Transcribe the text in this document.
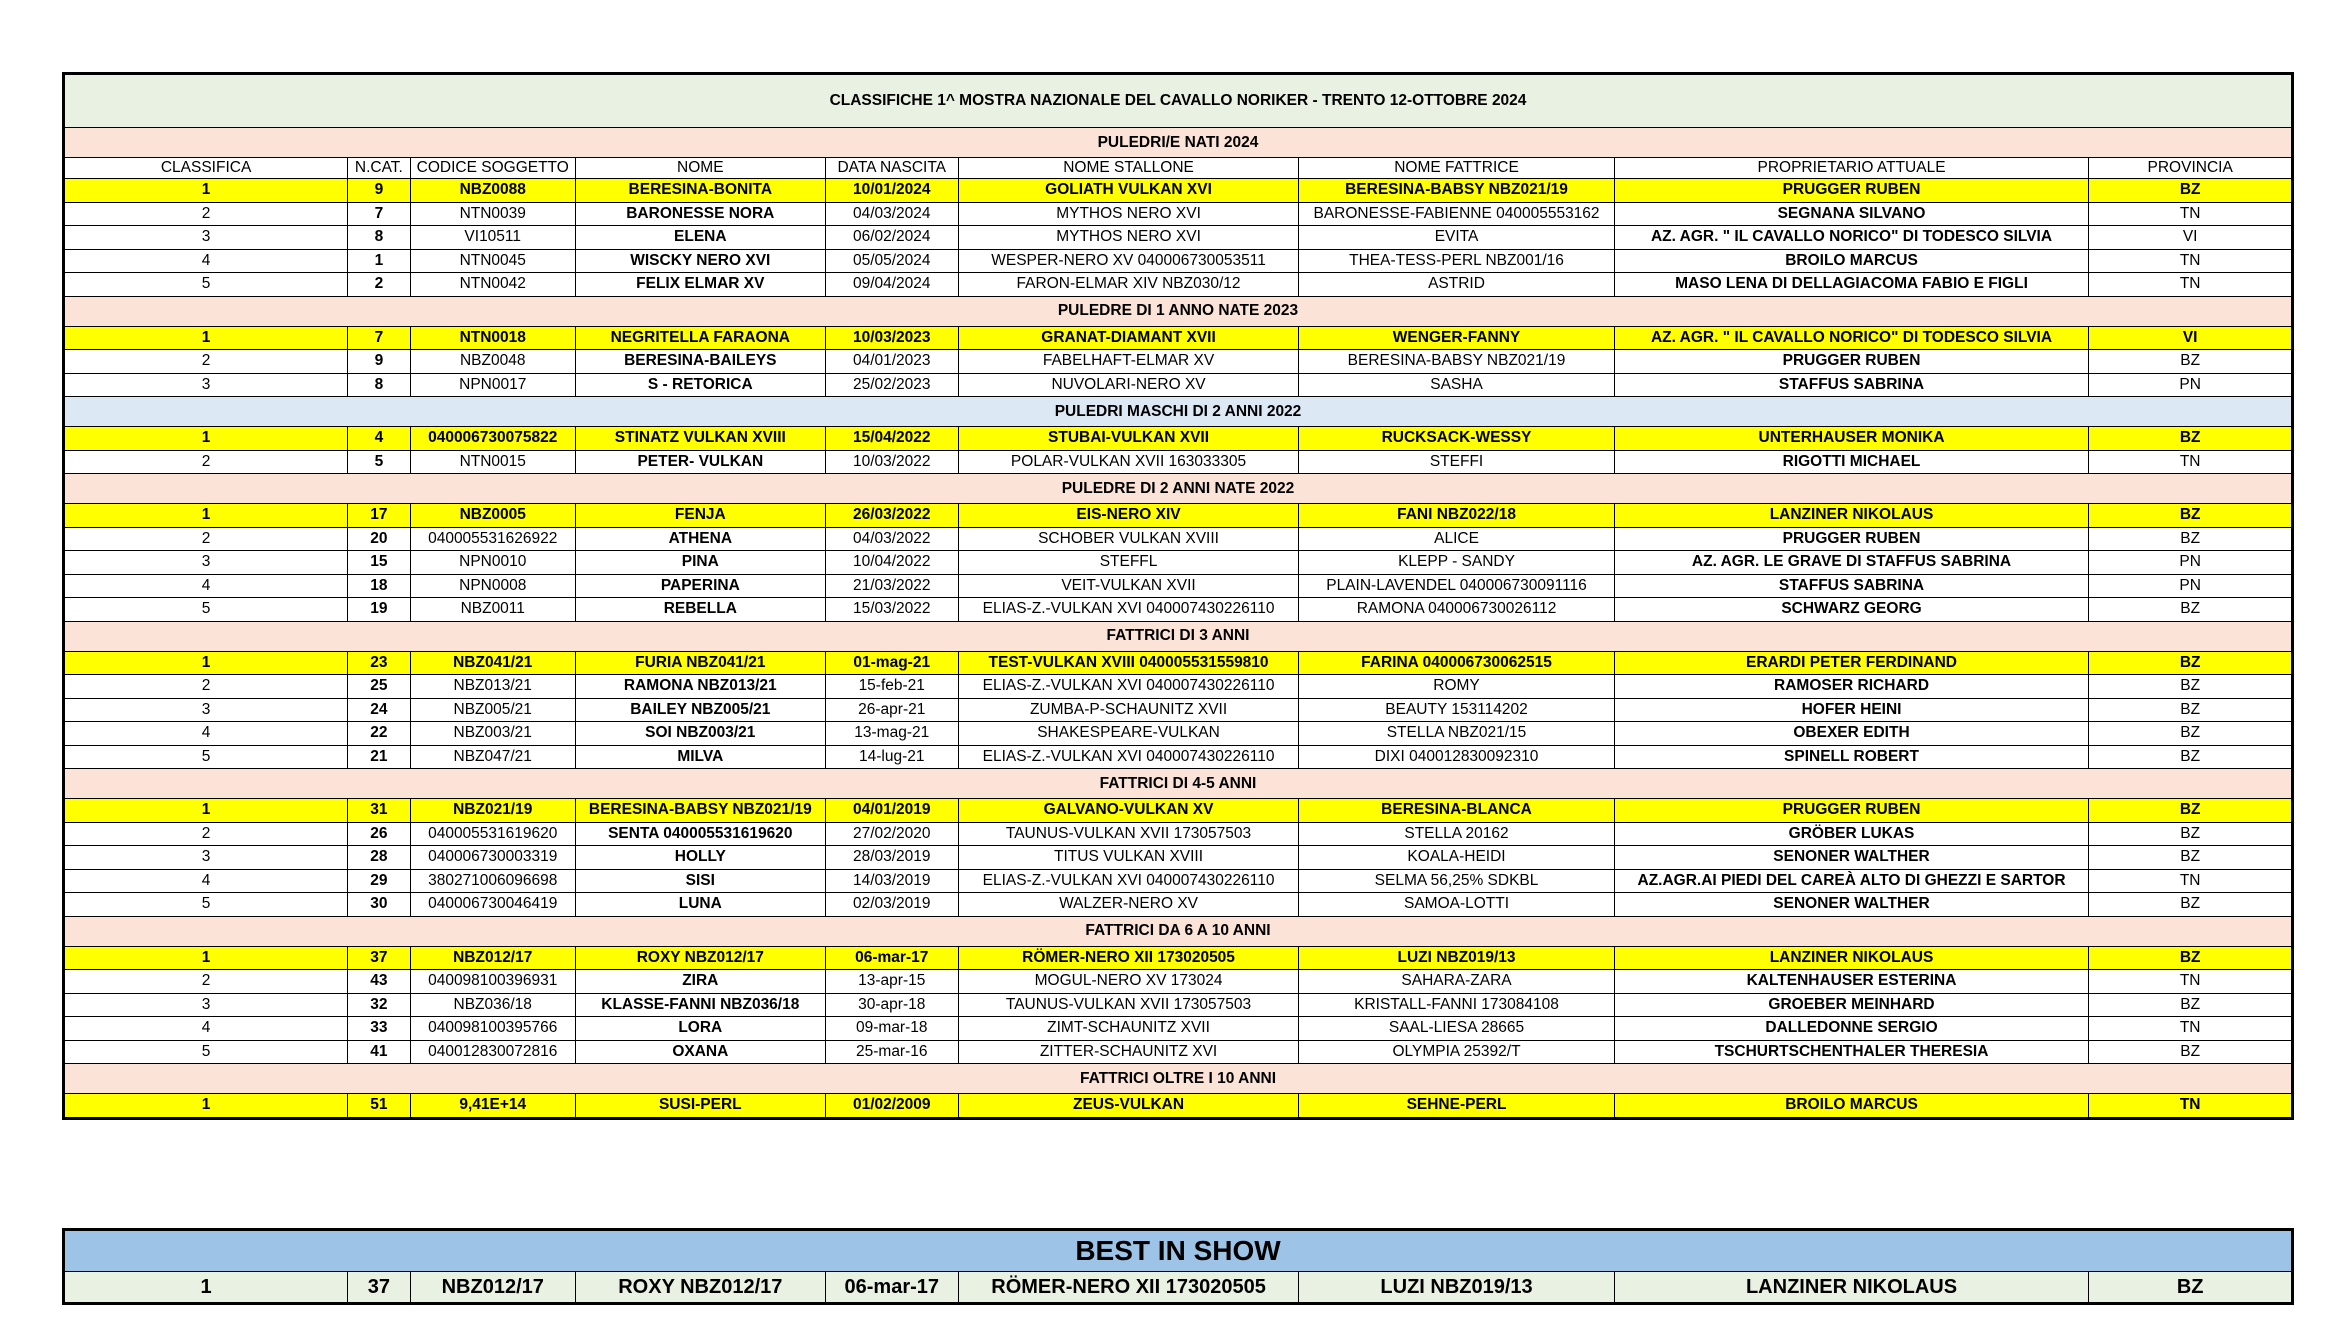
CLASSIFICHE 1^ MOSTRA NAZIONALE DEL CAVALLO NORIKER - TRENTO 12-OTTOBRE 2024								
PULEDRI/E NATI 2024								
CLASSIFICA	N.CAT.	CODICE SOGGETTO	NOME	DATA NASCITA	NOME STALLONE	NOME FATTRICE	PROPRIETARIO ATTUALE	PROVINCIA
1	9	NBZ0088	BERESINA-BONITA	10/01/2024	GOLIATH VULKAN XVI	BERESINA-BABSY NBZ021/19	PRUGGER RUBEN	BZ
2	7	NTN0039	BARONESSE NORA	04/03/2024	MYTHOS NERO XVI	BARONESSE-FABIENNE 040005553162	SEGNANA SILVANO	TN
3	8	VI10511	ELENA	06/02/2024	MYTHOS NERO XVI	EVITA	AZ. AGR. " IL CAVALLO NORICO" DI TODESCO SILVIA	VI
4	1	NTN0045	WISCKY NERO XVI	05/05/2024	WESPER-NERO XV 040006730053511	THEA-TESS-PERL NBZ001/16	BROILO MARCUS	TN
5	2	NTN0042	FELIX ELMAR XV	09/04/2024	FARON-ELMAR XIV NBZ030/12	ASTRID	MASO LENA DI DELLAGIACOMA FABIO E FIGLI	TN
PULEDRE DI 1 ANNO NATE 2023								
1	7	NTN0018	NEGRITELLA FARAONA	10/03/2023	GRANAT-DIAMANT XVII	WENGER-FANNY	AZ. AGR. " IL CAVALLO NORICO" DI TODESCO SILVIA	VI
2	9	NBZ0048	BERESINA-BAILEYS	04/01/2023	FABELHAFT-ELMAR XV	BERESINA-BABSY NBZ021/19	PRUGGER RUBEN	BZ
3	8	NPN0017	S - RETORICA	25/02/2023	NUVOLARI-NERO XV	SASHA	STAFFUS SABRINA	PN
PULEDRI MASCHI DI 2 ANNI 2022								
1	4	040006730075822	STINATZ VULKAN XVIII	15/04/2022	STUBAI-VULKAN XVII	RUCKSACK-WESSY	UNTERHAUSER MONIKA	BZ
2	5	NTN0015	PETER- VULKAN	10/03/2022	POLAR-VULKAN XVII 163033305	STEFFI	RIGOTTI MICHAEL	TN
PULEDRE DI 2 ANNI NATE 2022								
1	17	NBZ0005	FENJA	26/03/2022	EIS-NERO XIV	FANI NBZ022/18	LANZINER NIKOLAUS	BZ
2	20	040005531626922	ATHENA	04/03/2022	SCHOBER VULKAN XVIII	ALICE	PRUGGER RUBEN	BZ
3	15	NPN0010	PINA	10/04/2022	STEFFL	KLEPP - SANDY	AZ. AGR. LE GRAVE DI STAFFUS SABRINA	PN
4	18	NPN0008	PAPERINA	21/03/2022	VEIT-VULKAN XVII	PLAIN-LAVENDEL 040006730091116	STAFFUS SABRINA	PN
5	19	NBZ0011	REBELLA	15/03/2022	ELIAS-Z.-VULKAN XVI 040007430226110	RAMONA 040006730026112	SCHWARZ GEORG	BZ
FATTRICI DI 3 ANNI								
1	23	NBZ041/21	FURIA NBZ041/21	01-mag-21	TEST-VULKAN XVIII 040005531559810	FARINA 040006730062515	ERARDI PETER FERDINAND	BZ
2	25	NBZ013/21	RAMONA NBZ013/21	15-feb-21	ELIAS-Z.-VULKAN XVI 040007430226110	ROMY	RAMOSER RICHARD	BZ
3	24	NBZ005/21	BAILEY NBZ005/21	26-apr-21	ZUMBA-P-SCHAUNITZ XVII	BEAUTY 153114202	HOFER HEINI	BZ
4	22	NBZ003/21	SOI NBZ003/21	13-mag-21	SHAKESPEARE-VULKAN	STELLA NBZ021/15	OBEXER EDITH	BZ
5	21	NBZ047/21	MILVA	14-lug-21	ELIAS-Z.-VULKAN XVI 040007430226110	DIXI 040012830092310	SPINELL ROBERT	BZ
FATTRICI DI 4-5 ANNI								
1	31	NBZ021/19	BERESINA-BABSY NBZ021/19	04/01/2019	GALVANO-VULKAN XV	BERESINA-BLANCA	PRUGGER RUBEN	BZ
2	26	040005531619620	SENTA 040005531619620	27/02/2020	TAUNUS-VULKAN XVII 173057503	STELLA 20162	GRÖBER LUKAS	BZ
3	28	040006730003319	HOLLY	28/03/2019	TITUS VULKAN XVIII	KOALA-HEIDI	SENONER WALTHER	BZ
4	29	380271006096698	SISI	14/03/2019	ELIAS-Z.-VULKAN XVI 040007430226110	SELMA 56,25% SDKBL	AZ.AGR.AI PIEDI DEL CAREÀ ALTO DI GHEZZI E SARTOR	TN
5	30	040006730046419	LUNA	02/03/2019	WALZER-NERO XV	SAMOA-LOTTI	SENONER WALTHER	BZ
FATTRICI DA 6 A 10 ANNI								
1	37	NBZ012/17	ROXY NBZ012/17	06-mar-17	RÖMER-NERO XII 173020505	LUZI NBZ019/13	LANZINER NIKOLAUS	BZ
2	43	040098100396931	ZIRA	13-apr-15	MOGUL-NERO XV 173024	SAHARA-ZARA	KALTENHAUSER ESTERINA	TN
3	32	NBZ036/18	KLASSE-FANNI NBZ036/18	30-apr-18	TAUNUS-VULKAN XVII 173057503	KRISTALL-FANNI 173084108	GROEBER MEINHARD	BZ
4	33	040098100395766	LORA	09-mar-18	ZIMT-SCHAUNITZ XVII	SAAL-LIESA 28665	DALLEDONNE SERGIO	TN
5	41	040012830072816	OXANA	25-mar-16	ZITTER-SCHAUNITZ XVI	OLYMPIA 25392/T	TSCHURTSCHENTHALER THERESIA	BZ
FATTRICI OLTRE I 10 ANNI								
1	51	9,41E+14	SUSI-PERL	01/02/2009	ZEUS-VULKAN	SEHNE-PERL	BROILO MARCUS	TN
BEST IN SHOW
1	37	NBZ012/17	ROXY NBZ012/17	06-mar-17	RÖMER-NERO XII 173020505	LUZI NBZ019/13	LANZINER NIKOLAUS	BZ
